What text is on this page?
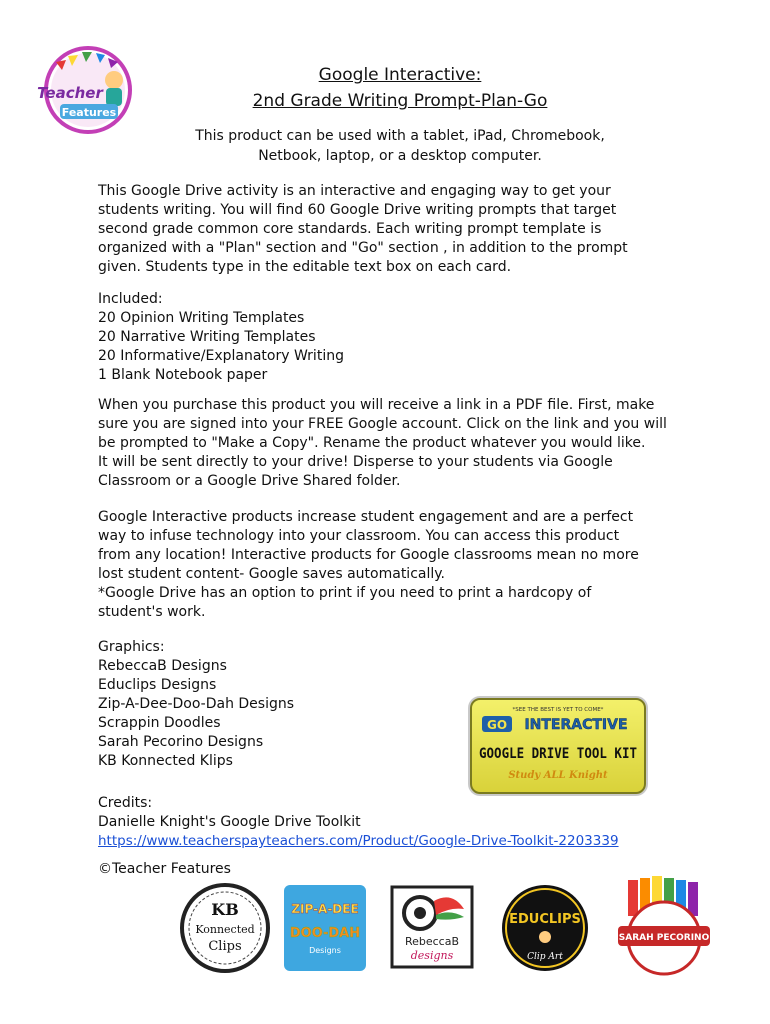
Teacher
Features
Google Interactive:
2nd Grade Writing Prompt-Plan-Go
This product can be used with a tablet, iPad, Chromebook,
Netbook, laptop, or a desktop computer.

This Google Drive activity is an interactive and engaging way to get your
students writing. You will find 60 Google Drive writing prompts that target
second grade common core standards. Each writing prompt template is
organized with a "Plan" section and "Go" section , in addition to the prompt
given. Students type in the editable text box on each card.

Included:
20 Opinion Writing Templates
20 Narrative Writing Templates
20 Informative/Explanatory Writing
1 Blank Notebook paper

When you purchase this product you will receive a link in a PDF file. First, make
sure you are signed into your FREE Google account. Click on the link and you will
be prompted to "Make a Copy". Rename the product whatever you would like.
It will be sent directly to your drive! Disperse to your students via Google
Classroom or a Google Drive Shared folder.

Google Interactive products increase student engagement and are a perfect
way to infuse technology into your classroom. You can access this product
from any location! Interactive products for Google classrooms mean no more
lost student content- Google saves automatically.
*Google Drive has an option to print if you need to print a hardcopy of
student's work.

Graphics:
RebeccaB Designs
Educlips Designs
Zip-A-Dee-Doo-Dah Designs
Scrappin Doodles
Sarah Pecorino Designs
KB Konnected Klips

*SEE THE BEST IS YET TO COME*
GO INTERACTIVE
GOOGLE DRIVE TOOL KIT
Study ALL Knight

Credits:
Danielle Knight's Google Drive Toolkit
https://www.teacherspayteachers.com/Product/Google-Drive-Toolkit-2203339

©Teacher Features

KB
Konnected
Clips
ZIP-A-DEE
DOO-DAH
Designs
RebeccaB
designs
EDUCLIPS
Clip Art
SARAH PECORINO
